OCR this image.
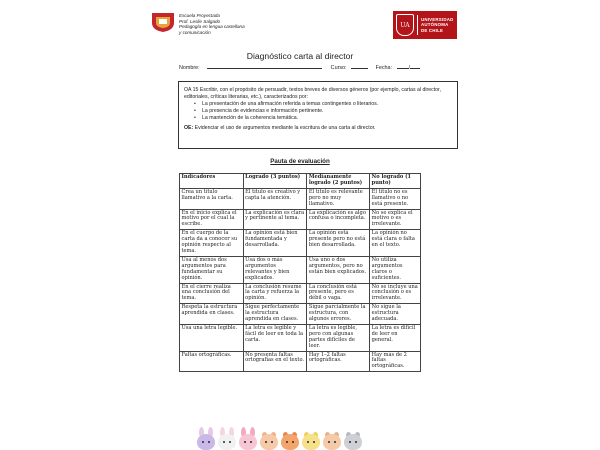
Escuela Proyectada
Prof. Leslie Salgado
Pedagogía en lengua castellana
y comunicación
UA
UNIVERSIDAD
AUTÓNOMA
DE CHILE
Diagnóstico carta al director
Nombre:	Curso:	Fecha:	/
OA 15 Escribir, con el propósito de persuadir, textos breves de diversos géneros (por ejemplo, cartas al director, editoriales, críticas literarias, etc.), caracterizados por:
• La presentación de una afirmación referida a temas contingentes o literarios.
• La presencia de evidencias e información pertinente.
• La mantención de la coherencia temática.
OE: Evidenciar el uso de argumentos mediante la escritura de una carta al director.
Pauta de evaluación
Indicadores	Logrado (3 puntos)	Medianamente logrado (2 puntos)	No logrado (1 punto)
Crea un título llamativo a la carta.	El título es creativo y capta la atención.	El título es relevante pero no muy llamativo.	El título no es llamativo o no está presente.
En el inicio explica el motivo por el cual la escribe.	La explicación es clara y pertinente al tema.	La explicación es algo confusa o incompleta.	No se explica el motivo o es irrelevante.
En el cuerpo de la carta da a conocer su opinión respecto al tema.	La opinión está bien fundamentada y desarrollada.	La opinión está presente pero no está bien desarrollada.	La opinión no está clara o falta en el texto.
Usa al menos dos argumentos para fundamentar su opinión.	Usa dos o más argumentos relevantes y bien explicados.	Usa uno o dos argumentos, pero no están bien explicados.	No utiliza argumentos claros o suficientes.
En el cierre realiza una conclusión del tema.	La conclusión resume la carta y refuerza la opinión.	La conclusión está presente, pero es débil o vaga.	No se incluye una conclusión o es irrelevante.
Respeta la estructura aprendida en clases.	Sigue perfectamente la estructura aprendida en clases.	Sigue parcialmente la estructura, con algunos errores.	No sigue la estructura adecuada.
Usa una letra legible.	La letra es legible y fácil de leer en toda la carta.	La letra es legible, pero con algunas partes difíciles de leer.	La letra es difícil de leer en general.
Faltas ortográficas.	No presenta faltas ortografías en el texto.	Hay 1–2 faltas ortográficas.	Hay más de 2 faltas ortográficas.
